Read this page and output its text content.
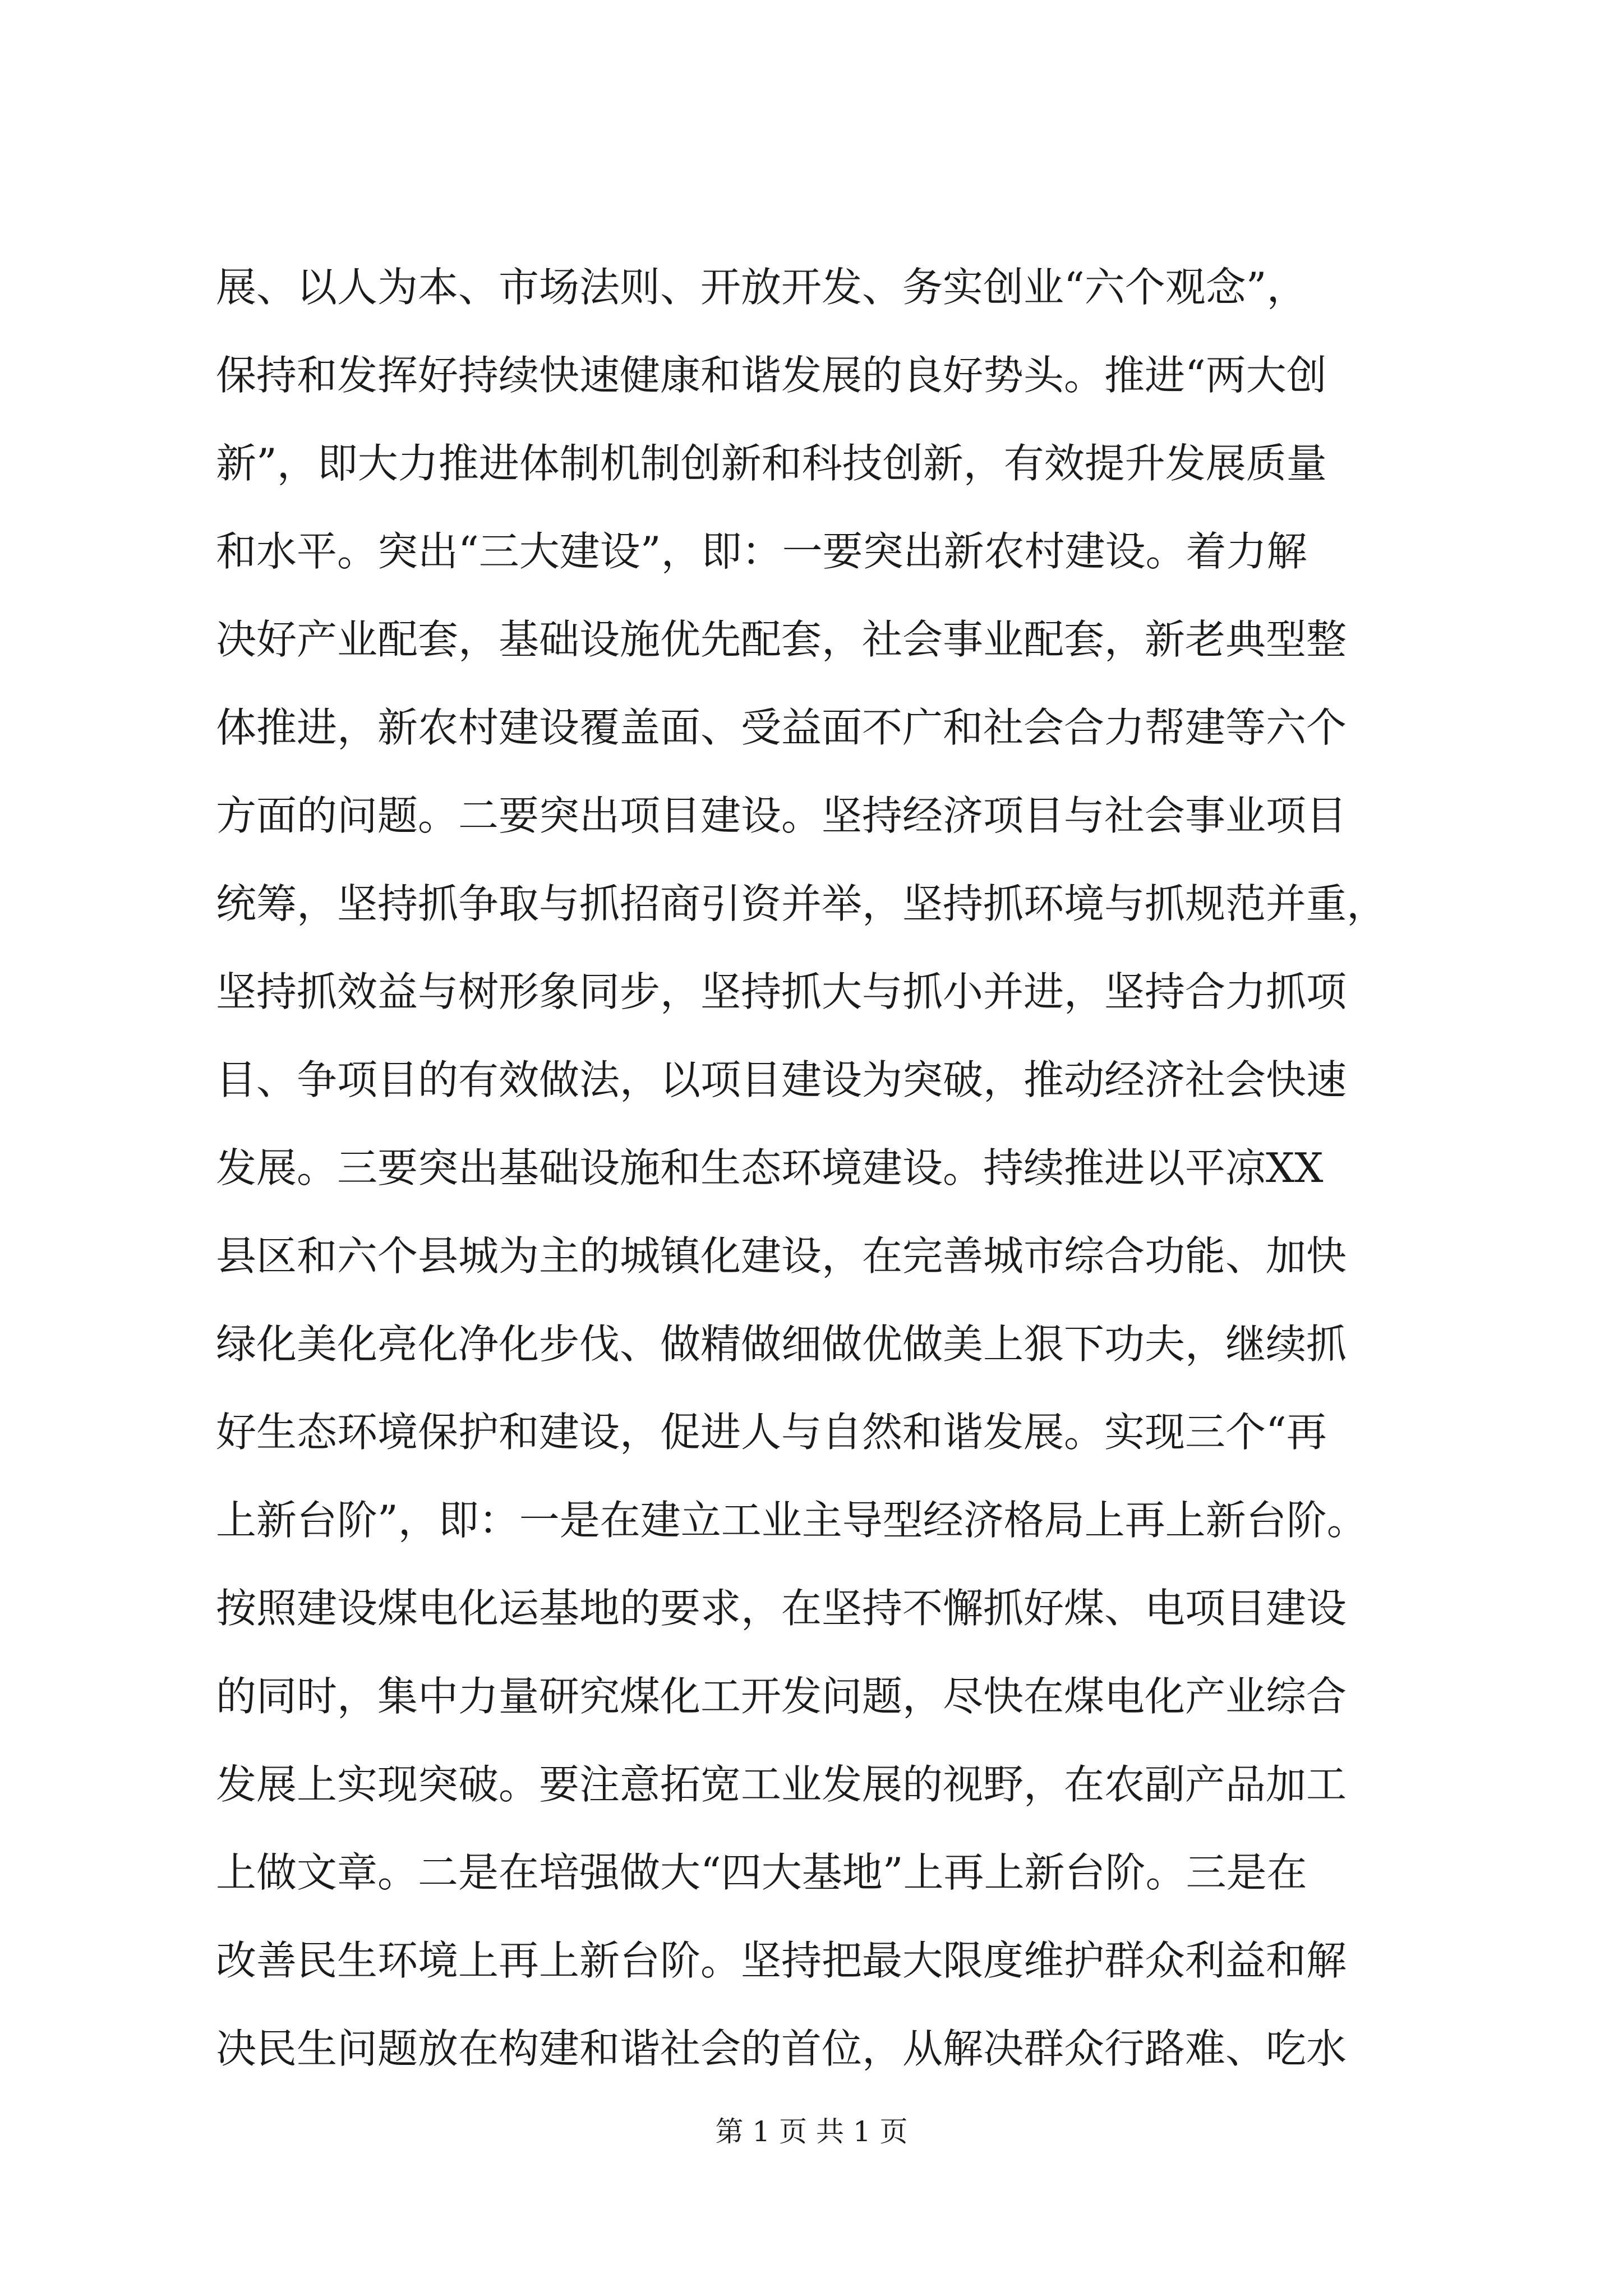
展、以人为本、市场法则、开放开发、务实创业“六个观念”，
保持和发挥好持续快速健康和谐发展的良好势头。推进“两大创
新”，即大力推进体制机制创新和科技创新，有效提升发展质量
和水平。突出“三大建设”，即：一要突出新农村建设。着力解
决好产业配套，基础设施优先配套，社会事业配套，新老典型整
体推进，新农村建设覆盖面、受益面不广和社会合力帮建等六个
方面的问题。二要突出项目建设。坚持经济项目与社会事业项目
统筹，坚持抓争取与抓招商引资并举，坚持抓环境与抓规范并重，
坚持抓效益与树形象同步，坚持抓大与抓小并进，坚持合力抓项
目、争项目的有效做法，以项目建设为突破，推动经济社会快速
发展。三要突出基础设施和生态环境建设。持续推进以平凉XX
县区和六个县城为主的城镇化建设，在完善城市综合功能、加快
绿化美化亮化净化步伐、做精做细做优做美上狠下功夫，继续抓
好生态环境保护和建设，促进人与自然和谐发展。实现三个“再
上新台阶”，即：一是在建立工业主导型经济格局上再上新台阶。
按照建设煤电化运基地的要求，在坚持不懈抓好煤、电项目建设
的同时，集中力量研究煤化工开发问题，尽快在煤电化产业综合
发展上实现突破。要注意拓宽工业发展的视野，在农副产品加工
上做文章。二是在培强做大“四大基地”上再上新台阶。三是在
改善民生环境上再上新台阶。坚持把最大限度维护群众利益和解
决民生问题放在构建和谐社会的首位，从解决群众行路难、吃水
第 1 页 共 1 页
